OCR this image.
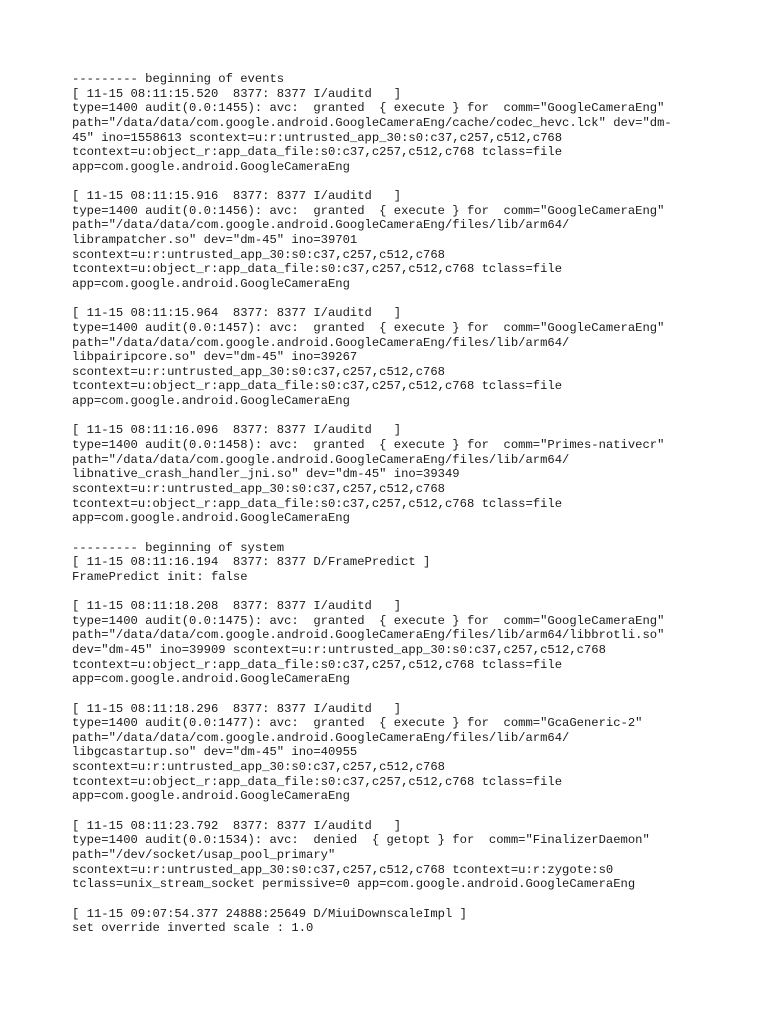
--------- beginning of events
[ 11-15 08:11:15.520  8377: 8377 I/auditd   ]
type=1400 audit(0.0:1455): avc:  granted  { execute } for  comm="GoogleCameraEng"
path="/data/data/com.google.android.GoogleCameraEng/cache/codec_hevc.lck" dev="dm-
45" ino=1558613 scontext=u:r:untrusted_app_30:s0:c37,c257,c512,c768
tcontext=u:object_r:app_data_file:s0:c37,c257,c512,c768 tclass=file
app=com.google.android.GoogleCameraEng
[ 11-15 08:11:15.916  8377: 8377 I/auditd   ]
type=1400 audit(0.0:1456): avc:  granted  { execute } for  comm="GoogleCameraEng"
path="/data/data/com.google.android.GoogleCameraEng/files/lib/arm64/
librampatcher.so" dev="dm-45" ino=39701
scontext=u:r:untrusted_app_30:s0:c37,c257,c512,c768
tcontext=u:object_r:app_data_file:s0:c37,c257,c512,c768 tclass=file
app=com.google.android.GoogleCameraEng
[ 11-15 08:11:15.964  8377: 8377 I/auditd   ]
type=1400 audit(0.0:1457): avc:  granted  { execute } for  comm="GoogleCameraEng"
path="/data/data/com.google.android.GoogleCameraEng/files/lib/arm64/
libpairipcore.so" dev="dm-45" ino=39267
scontext=u:r:untrusted_app_30:s0:c37,c257,c512,c768
tcontext=u:object_r:app_data_file:s0:c37,c257,c512,c768 tclass=file
app=com.google.android.GoogleCameraEng
[ 11-15 08:11:16.096  8377: 8377 I/auditd   ]
type=1400 audit(0.0:1458): avc:  granted  { execute } for  comm="Primes-nativecr"
path="/data/data/com.google.android.GoogleCameraEng/files/lib/arm64/
libnative_crash_handler_jni.so" dev="dm-45" ino=39349
scontext=u:r:untrusted_app_30:s0:c37,c257,c512,c768
tcontext=u:object_r:app_data_file:s0:c37,c257,c512,c768 tclass=file
app=com.google.android.GoogleCameraEng
--------- beginning of system
[ 11-15 08:11:16.194  8377: 8377 D/FramePredict ]
FramePredict init: false
[ 11-15 08:11:18.208  8377: 8377 I/auditd   ]
type=1400 audit(0.0:1475): avc:  granted  { execute } for  comm="GoogleCameraEng"
path="/data/data/com.google.android.GoogleCameraEng/files/lib/arm64/libbrotli.so"
dev="dm-45" ino=39909 scontext=u:r:untrusted_app_30:s0:c37,c257,c512,c768
tcontext=u:object_r:app_data_file:s0:c37,c257,c512,c768 tclass=file
app=com.google.android.GoogleCameraEng
[ 11-15 08:11:18.296  8377: 8377 I/auditd   ]
type=1400 audit(0.0:1477): avc:  granted  { execute } for  comm="GcaGeneric-2"
path="/data/data/com.google.android.GoogleCameraEng/files/lib/arm64/
libgcastartup.so" dev="dm-45" ino=40955
scontext=u:r:untrusted_app_30:s0:c37,c257,c512,c768
tcontext=u:object_r:app_data_file:s0:c37,c257,c512,c768 tclass=file
app=com.google.android.GoogleCameraEng
[ 11-15 08:11:23.792  8377: 8377 I/auditd   ]
type=1400 audit(0.0:1534): avc:  denied  { getopt } for  comm="FinalizerDaemon"
path="/dev/socket/usap_pool_primary"
scontext=u:r:untrusted_app_30:s0:c37,c257,c512,c768 tcontext=u:r:zygote:s0
tclass=unix_stream_socket permissive=0 app=com.google.android.GoogleCameraEng
[ 11-15 09:07:54.377 24888:25649 D/MiuiDownscaleImpl ]
set override inverted scale : 1.0
